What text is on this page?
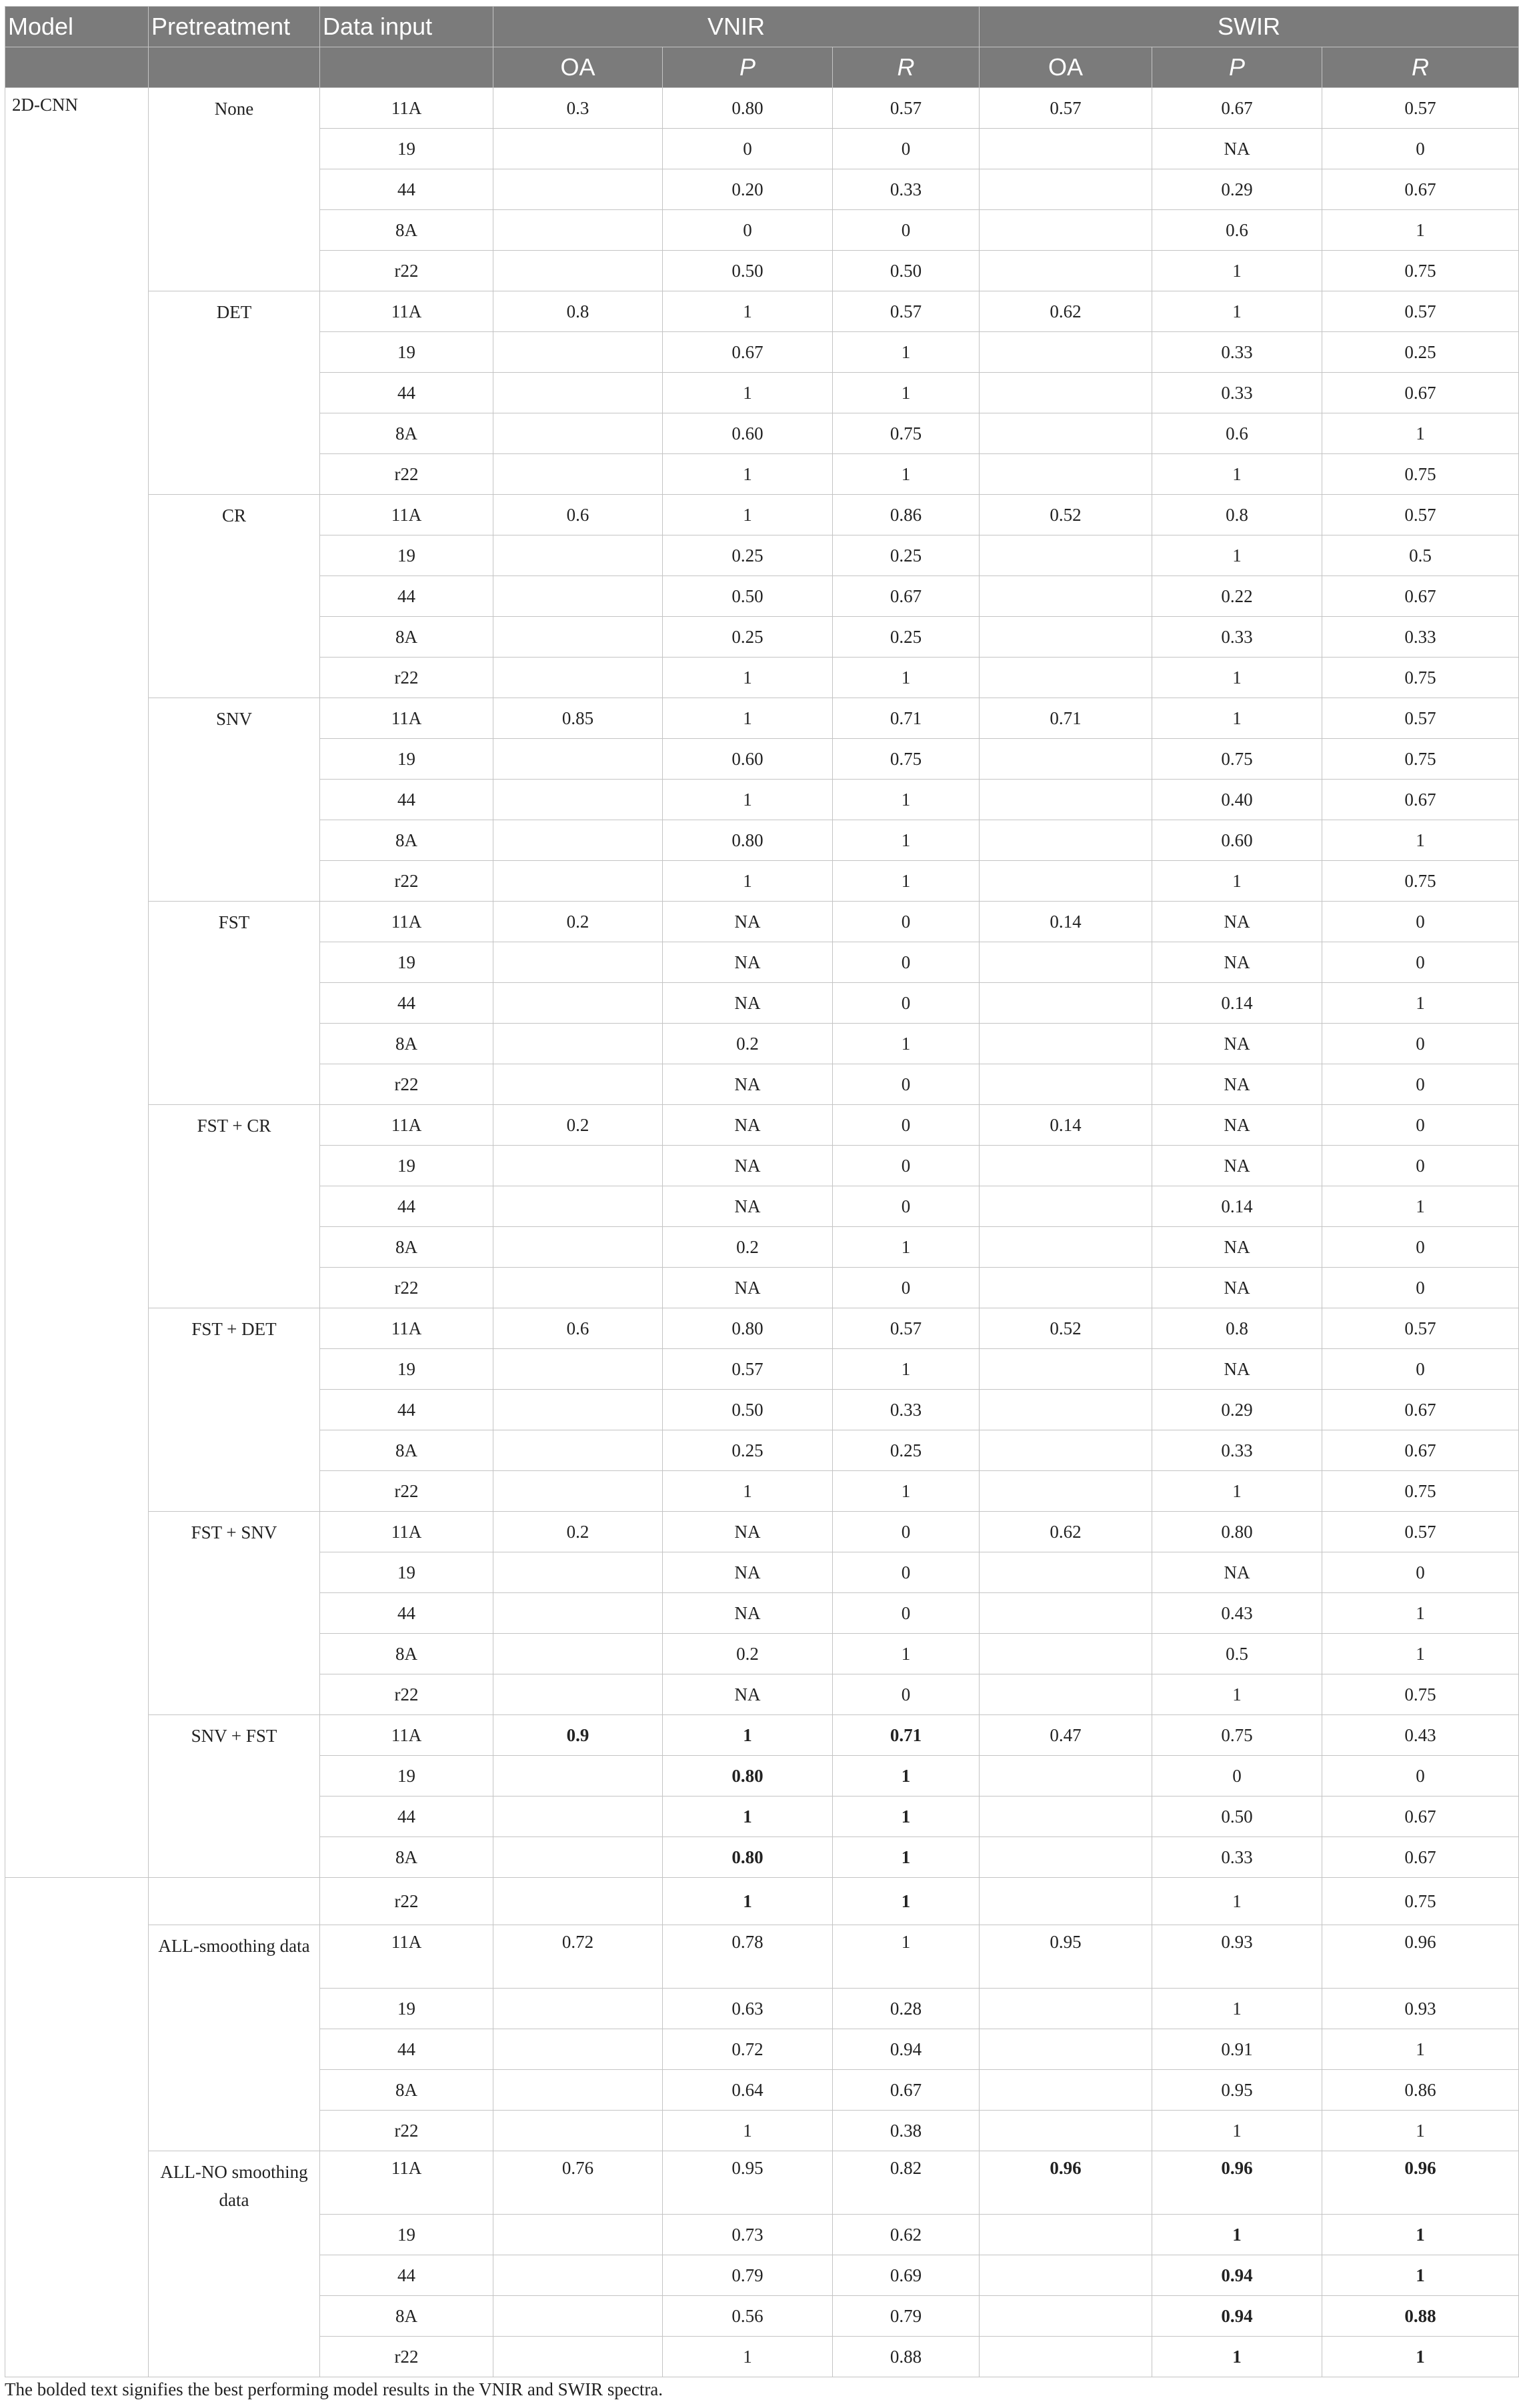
Model	Pretreatment	Data input	VNIR			SWIR		
			OA	P	R	OA	P	R
2D-CNN	None	11A	0.3	0.80	0.57	0.57	0.67	0.57
		19		0	0		NA	0
		44		0.20	0.33		0.29	0.67
		8A		0	0		0.6	1
		r22		0.50	0.50		1	0.75
	DET	11A	0.8	1	0.57	0.62	1	0.57
		19		0.67	1		0.33	0.25
		44		1	1		0.33	0.67
		8A		0.60	0.75		0.6	1
		r22		1	1		1	0.75
	CR	11A	0.6	1	0.86	0.52	0.8	0.57
		19		0.25	0.25		1	0.5
		44		0.50	0.67		0.22	0.67
		8A		0.25	0.25		0.33	0.33
		r22		1	1		1	0.75
	SNV	11A	0.85	1	0.71	0.71	1	0.57
		19		0.60	0.75		0.75	0.75
		44		1	1		0.40	0.67
		8A		0.80	1		0.60	1
		r22		1	1		1	0.75
	FST	11A	0.2	NA	0	0.14	NA	0
		19		NA	0		NA	0
		44		NA	0		0.14	1
		8A		0.2	1		NA	0
		r22		NA	0		NA	0
	FST + CR	11A	0.2	NA	0	0.14	NA	0
		19		NA	0		NA	0
		44		NA	0		0.14	1
		8A		0.2	1		NA	0
		r22		NA	0		NA	0
	FST + DET	11A	0.6	0.80	0.57	0.52	0.8	0.57
		19		0.57	1		NA	0
		44		0.50	0.33		0.29	0.67
		8A		0.25	0.25		0.33	0.67
		r22		1	1		1	0.75
	FST + SNV	11A	0.2	NA	0	0.62	0.80	0.57
		19		NA	0		NA	0
		44		NA	0		0.43	1
		8A		0.2	1		0.5	1
		r22		NA	0		1	0.75
	SNV + FST	11A	0.9	1	0.71	0.47	0.75	0.43
		19		0.80	1		0	0
		44		1	1		0.50	0.67
		8A		0.80	1		0.33	0.67
		r22		1	1		1	0.75
	ALL-smoothing data	11A	0.72	0.78	1	0.95	0.93	0.96
		19		0.63	0.28		1	0.93
		44		0.72	0.94		0.91	1
		8A		0.64	0.67		0.95	0.86
		r22		1	0.38		1	1
	ALL-NO smoothing data	11A	0.76	0.95	0.82	0.96	0.96	0.96
		19		0.73	0.62		1	1
		44		0.79	0.69		0.94	1
		8A		0.56	0.79		0.94	0.88
		r22		1	0.88		1	1
The bolded text signifies the best performing model results in the VNIR and SWIR spectra.
